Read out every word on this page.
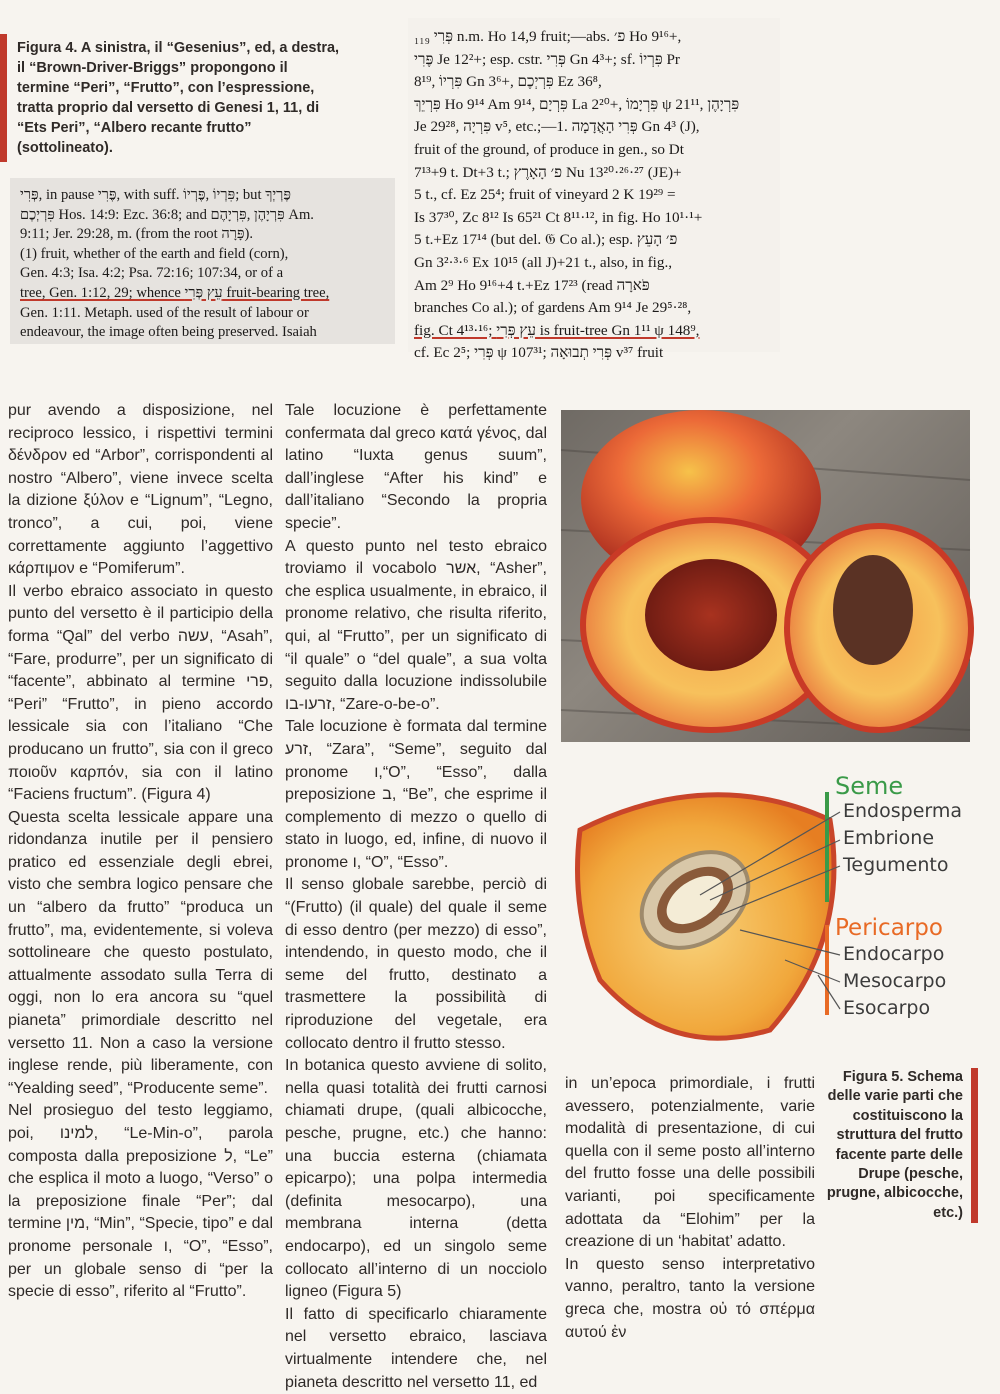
Figura 4. A sinistra, il “Gesenius”, ed, a destra, il “Brown-Driver-Briggs” propongono il termine “Peri”, “Frutto”, con l’espressione, tratta proprio dal versetto di Genesi 1, 11, di “Ets Peri”, “Albero recante frutto” (sottolineato).
פְּרִי, in pause פֶּרִי, with suff. פִּרְיוֹ ,פֶּרְיוֹ; but פֶּרְיְךָ
פִּרְיְכֶם Hos. 14:9: Ezc. 36:8; and פִּרְיָהֶן ,פִּרְיָהֶם Am.
9:11; Jer. 29:28, m. (from the root פָּרָה).
(1) fruit, whether of the earth and field (corn),
Gen. 4:3; Isa. 4:2; Psa. 72:16; 107:34, or of a
tree, Gen. 1:12, 29; whence עֵץ פְּרִי fruit-bearing tree,
Gen. 1:11. Metaph. used of the result of labour or
endeavour, the image often being preserved. Isaiah
פְּרִי ₁₁₉ n.m. Ho 14,9 fruit;—abs. פ׳ Ho 9¹⁶+,
פֶּרִי Je 12²+; esp. cstr. פְּרִי Gn 4³+; sf. פִּרְיוֹ Pr
8¹⁹, פִּרְיוֹ Gn 3⁶+, פִּרְיְכֶם Ez 36⁸,
פִּרְיֵךְ Ho 9¹⁴ Am 9¹⁴, פִּרְיָם La 2²⁰+, פִּרְיָמוֹ ψ 21¹¹, פִּרְיָהֶן
Je 29²⁸, פִּרְיָה v⁵, etc.;—1. פְּרִי הָאֲדָמָה Gn 4³ (J),
fruit of the ground, of produce in gen., so Dt
7¹³+9 t. Dt+3 t.; פ׳ הָאָרֶץ Nu 13²⁰·²⁶·²⁷ (JE)+
5 t., cf. Ez 25⁴; fruit of vineyard 2 K 19²⁹ =
Is 37³⁰, Zc 8¹² Is 65²¹ Ct 8¹¹·¹², in fig. Ho 10¹·¹+
5 t.+Ez 17¹⁴ (but del. 𝔊 Co al.); esp. פ׳ הָעֵץ
Gn 3²·³·⁶ Ex 10¹⁵ (all J)+21 t., also, in fig.,
Am 2⁹ Ho 9¹⁶+4 t.+Ez 17²³ (read פֹּארָה
branches Co al.); of gardens Am 9¹⁴ Je 29⁵·²⁸,
fig. Ct 4¹³·¹⁶; עֵץ פְּרִי is fruit-tree Gn 1¹¹ ψ 148⁹,
cf. Ec 2⁵; פְּרִי ψ 107³¹; פְּרִי תְבוּאָה v³⁷ fruit

pur avendo a disposizione, nel reciproco lessico, i rispettivi termini δένδρον ed “Arbor”, corrispondenti al nostro “Albero”, viene invece scelta la dizione ξύλον e “Lignum”, “Legno, tronco”, a cui, poi, viene correttamente aggiunto l’aggettivo κάρπιμον e “Pomiferum”.

Il verbo ebraico associato in questo punto del versetto è il participio della forma “Qal” del verbo עשה, “Asah”, “Fare, produrre”, per un significato di “facente”, abbinato al termine פרי, “Peri” “Frutto”, in pieno accordo lessicale sia con l’italiano “Che producano un frutto”, sia con il greco ποιοῦν καρπόν, sia con il latino “Faciens fructum”. (Figura 4)

Questa scelta lessicale appare una ridondanza inutile per il pensiero pratico ed essenziale degli ebrei, visto che sembra logico pensare che un “albero da frutto” “produca un frutto”, ma, evidentemente, si voleva sottolineare che questo postulato, attualmente assodato sulla Terra di oggi, non lo era ancora su “quel pianeta” primordiale descritto nel versetto 11. Non a caso la versione inglese rende, più liberamente, con “Yealding seed”, “Producente seme”.

Nel prosieguo del testo leggiamo, poi, למינו, “Le-Min-o”, parola composta dalla preposizione ל, “Le” che esplica il moto a luogo, “Verso” o la preposizione finale “Per”; dal termine מין, “Min”, “Specie, tipo” e dal pronome personale ו, “O”, “Esso”, per un globale senso di “per la specie di esso”, riferito al “Frutto”.

Tale locuzione è perfettamente confermata dal greco κατά γένος, dal latino “Iuxta genus suum”, dall’inglese “After his kind” e dall’italiano “Secondo la propria specie”.

A questo punto nel testo ebraico troviamo il vocabolo אשר, “Asher”, che esplica usualmente, in ebraico, il pronome relativo, che risulta riferito, qui, al “Frutto”, per un significato di “il quale” o “del quale”, a sua volta seguito dalla locuzione indissolubile זרעו-בו, “Zare-o-be-o”.

Tale locuzione è formata dal termine זרע, “Zara”, “Seme”, seguito dal pronome ו,“O”, “Esso”, dalla preposizione ב, “Be”, che esprime il complemento di mezzo o quello di stato in luogo, ed, infine, di nuovo il pronome ו, “O”, “Esso”.

Il senso globale sarebbe, perciò di “(Frutto) (il quale) del quale il seme di esso dentro (per mezzo) di esso”, intendendo, in questo modo, che il seme del frutto, destinato a trasmettere la possibilità di riproduzione del vegetale, era collocato dentro il frutto stesso.

In botanica questo avviene di solito, nella quasi totalità dei frutti carnosi chiamati drupe, (quali albicocche, pesche, prugne, etc.) che hanno: una buccia esterna (chiamata epicarpo); una polpa intermedia (definita mesocarpo), una membrana interna (detta endocarpo), ed un singolo seme collocato all’interno di un nocciolo ligneo (Figura 5)

Il fatto di specificarlo chiaramente nel versetto ebraico, lasciava virtualmente intendere che, nel pianeta descritto nel versetto 11, ed

Seme
Endosperma
Embrione
Tegumento
Pericarpo
Endocarpo
Mesocarpo
Esocarpo

in un’epoca primordiale, i frutti avessero, potenzialmente, varie modalità di presentazione, di cui quella con il seme posto all’interno del frutto fosse una delle possibili varianti, poi specificamente adottata da “Elohim” per la creazione di un ‘habitat’ adatto.

In questo senso interpretativo vanno, peraltro, tanto la versione greca che, mostra οὐ τό σπέρμα αυτού ἐν

Figura 5. Schema delle varie parti che costituiscono la struttura del frutto facente parte delle Drupe (pesche, prugne, albicocche, etc.)
